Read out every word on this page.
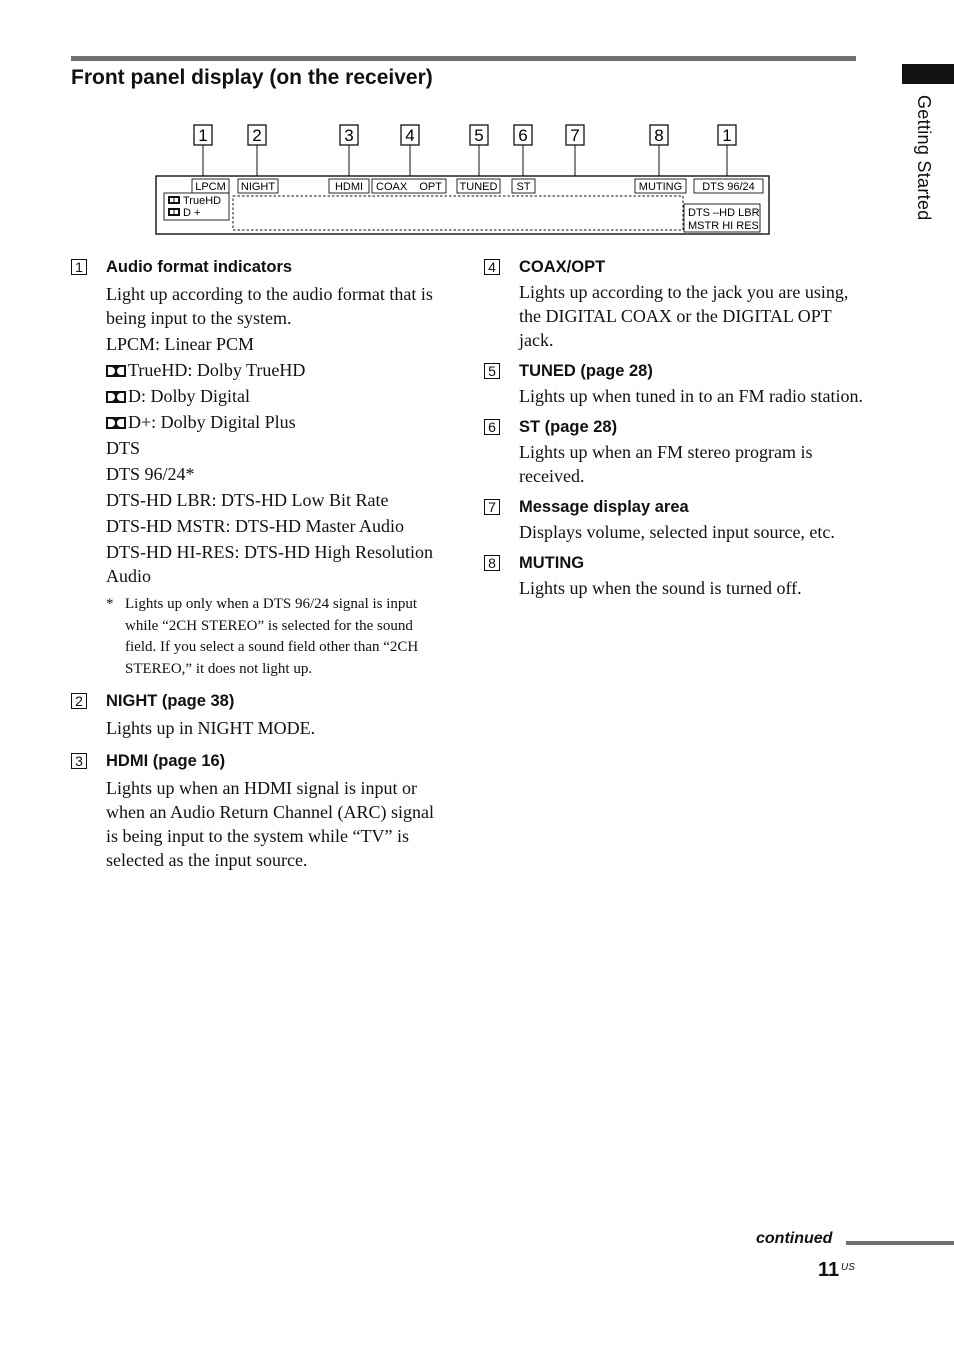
Front panel display (on the receiver)
Getting Started
1	2	3	4	5 6	7	8	1
LPCM
TrueHD
D +
NIGHT	HDMI COAX OPT TUNED ST	MUTING DTS 96/24
DTS –HD LBR
MSTR HI RES
1 Audio format indicators

Light up according to the audio format that is being input to the system.

LPCM: Linear PCM
TrueHD: Dolby TrueHD
D: Dolby Digital
D+: Dolby Digital Plus
DTS
DTS 96/24*
DTS-HD LBR: DTS-HD Low Bit Rate
DTS-HD MSTR: DTS-HD Master Audio
DTS-HD HI-RES: DTS-HD High Resolution Audio

* Lights up only when a DTS 96/24 signal is input while “2CH STEREO” is selected for the sound field. If you select a sound field other than “2CH STEREO,” it does not light up.

2 NIGHT (page 38)

Lights up in NIGHT MODE.

3 HDMI (page 16)

Lights up when an HDMI signal is input or when an Audio Return Channel (ARC) signal is being input to the system while “TV” is selected as the input source.

4 COAX/OPT

Lights up according to the jack you are using, the DIGITAL COAX or the DIGITAL OPT jack.

5 TUNED (page 28)

Lights up when tuned in to an FM radio station.

6 ST (page 28)

Lights up when an FM stereo program is received.

7 Message display area

Displays volume, selected input source, etc.

8 MUTING

Lights up when the sound is turned off.

continued
11 US
